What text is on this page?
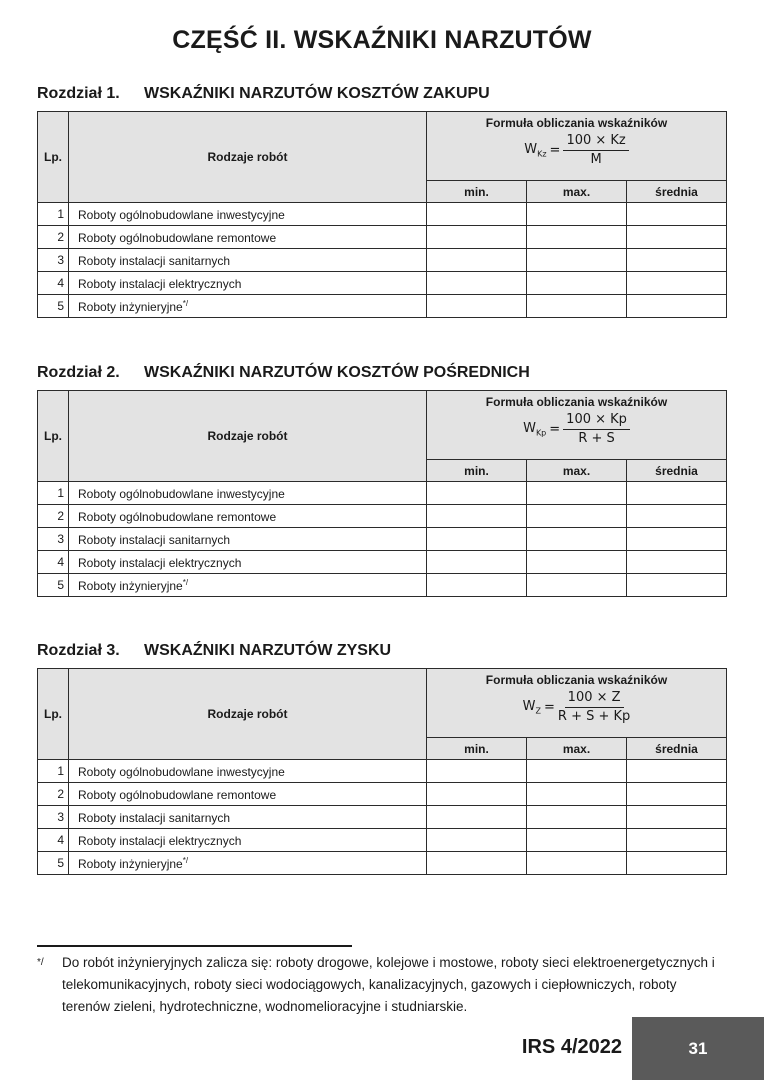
CZĘŚĆ II. WSKAŹNIKI NARZUTÓW
Rozdział 1. WSKAŹNIKI NARZUTÓW KOSZTÓW ZAKUPU
Lp.	Rodzaje robót	Formuła obliczania wskaźników
$W_{Kz} = \frac{100 \times Kz}{M}$

		min.	max.	średnia
1	Roboty ogólnobudowlane inwestycyjne			
2	Roboty ogólnobudowlane remontowe			
3	Roboty instalacji sanitarnych			
4	Roboty instalacji elektrycznych			
5	Roboty inżynieryjne*/			
Rozdział 2. WSKAŹNIKI NARZUTÓW KOSZTÓW POŚREDNICH
Lp.	Rodzaje robót	Formuła obliczania wskaźników
$W_{Kp} = \frac{100 \times Kp}{R + S}$

		min.	max.	średnia
1	Roboty ogólnobudowlane inwestycyjne			
2	Roboty ogólnobudowlane remontowe			
3	Roboty instalacji sanitarnych			
4	Roboty instalacji elektrycznych			
5	Roboty inżynieryjne*/			
Rozdział 3. WSKAŹNIKI NARZUTÓW ZYSKU
Lp.	Rodzaje robót	Formuła obliczania wskaźników
$W_Z = \frac{100 \times Z}{R + S + Kp}$

		min.	max.	średnia
1	Roboty ogólnobudowlane inwestycyjne			
2	Roboty ogólnobudowlane remontowe			
3	Roboty instalacji sanitarnych			
4	Roboty instalacji elektrycznych			
5	Roboty inżynieryjne*/			
*/ Do robót inżynieryjnych zalicza się: roboty drogowe, kolejowe i mostowe, roboty sieci elektroenergetycznych i telekomunikacyjnych, roboty sieci wodociągowych, kanalizacyjnych, gazowych i ciepłowniczych, roboty terenów zieleni, hydrotechniczne, wodnomelioracyjne i studniarskie.
IRS 4/2022	31
